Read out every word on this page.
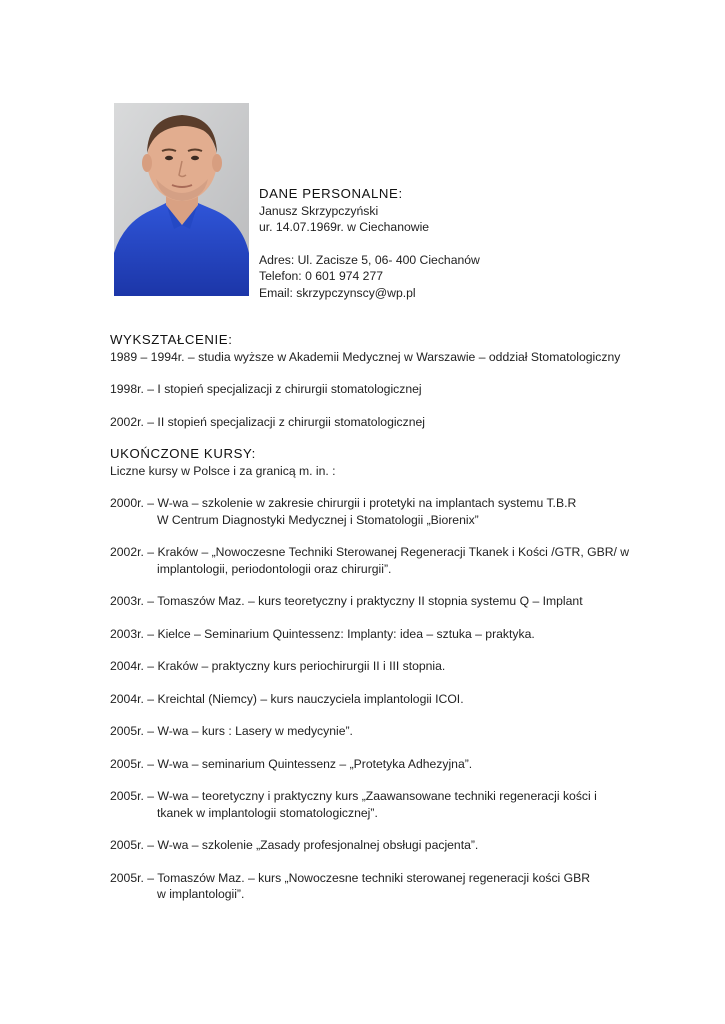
DANE PERSONALNE:

Janusz Skrzypczyński

ur. 14.07.1969r. w Ciechanowie

Adres: Ul. Zacisze 5, 06- 400 Ciechanów

Telefon: 0 601 974 277

Email: skrzypczynscy@wp.pl

WYKSZTAŁCENIE:

1989 – 1994r. – studia wyższe w Akademii Medycznej w Warszawie – oddział Stomatologiczny

1998r. – I stopień specjalizacji z chirurgii stomatologicznej

2002r. – II stopień specjalizacji z chirurgii stomatologicznej

UKOŃCZONE KURSY:

Liczne kursy w Polsce i za granicą m. in. :

2000r. – W-wa – szkolenie w zakresie chirurgii i protetyki na implantach systemu T.B.R

W Centrum Diagnostyki Medycznej i Stomatologii „Biorenix”

2002r. – Kraków – „Nowoczesne Techniki Sterowanej Regeneracji Tkanek i Kości /GTR, GBR/ w

implantologii, periodontologii oraz chirurgii”.

2003r. – Tomaszów Maz. – kurs teoretyczny i praktyczny II stopnia systemu Q – Implant

2003r. – Kielce – Seminarium Quintessenz: Implanty: idea – sztuka – praktyka.

2004r. – Kraków – praktyczny kurs periochirurgii II i III stopnia.

2004r. – Kreichtal (Niemcy) – kurs nauczyciela implantologii ICOI.

2005r. – W-wa – kurs : Lasery w medycynie”.

2005r. – W-wa – seminarium Quintessenz – „Protetyka Adhezyjna”.

2005r. – W-wa – teoretyczny i praktyczny kurs „Zaawansowane techniki regeneracji kości i

tkanek w implantologii stomatologicznej”.

2005r. – W-wa – szkolenie „Zasady profesjonalnej obsługi pacjenta”.

2005r. – Tomaszów Maz. – kurs „Nowoczesne techniki sterowanej regeneracji kości GBR

w implantologii”.
